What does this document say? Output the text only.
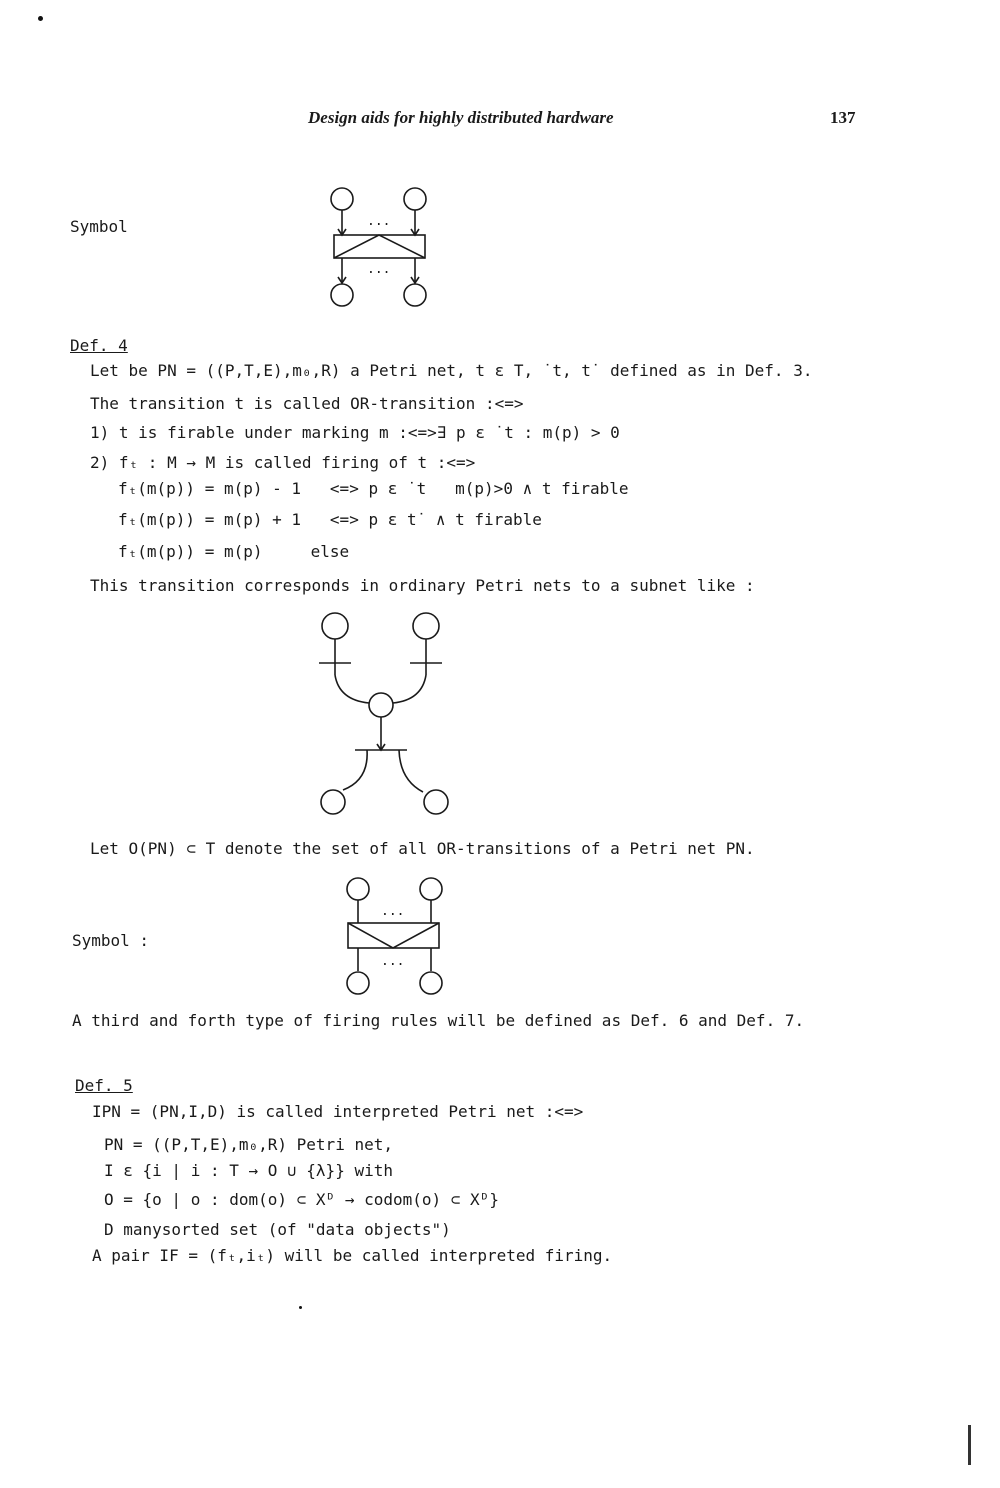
Design aids for highly distributed hardware	137
Symbol	...
...
Def. 4
Let be PN = ((P,T,E),m₀,R) a Petri net, t ε T, ˙t, t˙ defined as in Def. 3.
The transition t is called OR-transition :<=>
1) t is firable under marking m :<=>∃ p ε ˙t : m(p) > 0
2) fₜ : M → M is called firing of t :<=>
fₜ(m(p)) = m(p) - 1   <=> p ε ˙t   m(p)>0 ∧ t firable
fₜ(m(p)) = m(p) + 1   <=> p ε t˙ ∧ t firable
fₜ(m(p)) = m(p)     else
This transition corresponds in ordinary Petri nets to a subnet like :
Let O(PN) ⊂ T denote the set of all OR-transitions of a Petri net PN.
Symbol :
...
...
A third and forth type of firing rules will be defined as Def. 6 and Def. 7.
Def. 5
IPN = (PN,I,D) is called interpreted Petri net :<=>
PN = ((P,T,E),m₀,R) Petri net,
I ε {i | i : T → O ∪ {λ}} with
O = {o | o : dom(o) ⊂ Xᴰ → codom(o) ⊂ Xᴰ}
D manysorted set (of "data objects")
A pair IF = (fₜ,iₜ) will be called interpreted firing.
